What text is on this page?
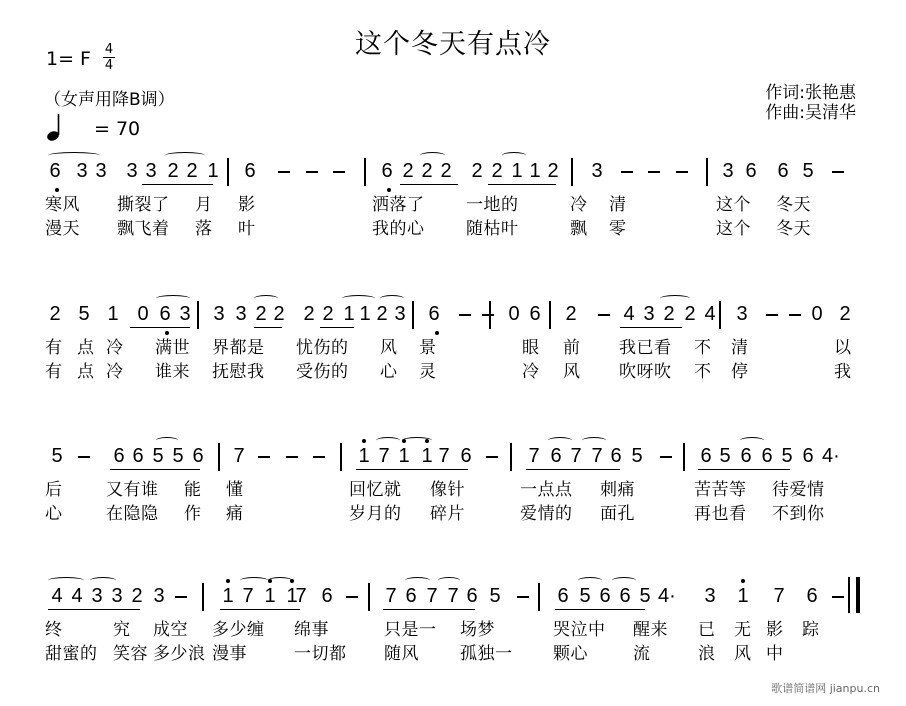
这个冬天有点冷
1= F 4
4
（女声用降B调）
= 70
作词:张艳惠
作曲:吴清华
6 3 3 3 3 2 2 1 6	6 2 2 2 2 2 1 1 2 3	3 6 6 5
寒风 撕裂了 月 影	洒落了 一地的	冷 清	这个 冬天
漫天 飘飞着 落 叶	我的心 随枯叶	飘 零	这个 冬天
2 5 1 0 6 3 3 3 2 2 2 2 1 1 2 3 6	0 6 2 4 3 2 2 4 3	0 2
有 点 冷 满世 界都是 忧伤的 风 景	眼 前 我已看 不 清	以
有 点 冷 谁来 抚慰我 受伤的 心 灵	冷 风 吹呀吹 不 停	我
5	6 6 5 5 6 7	1 7 1 1 7 6	7 6 7 7 6 5	6 5 6 6 5 6 4·
后	又有谁 能 懂	回忆就 像针	一点点 刺痛	苦苦等 待爱情
心	在隐隐 作 痛	岁月的 碎片	爱情的 面孔	再也看 不到你
4 4 3 3 2 3	1 7 1 1
7 6	7 6 7 7 6 5	6 5 6 6 5 4· 3 1 7 6
终	究 成空 多少缠 绵事	只是一 场梦	哭泣中 醒来 已 无 影 踪
甜蜜的 笑容 多少浪 漫事	一切都 随风 孤独一 颗心	流	浪 风 中
歌谱简谱网 jianpu.cn
